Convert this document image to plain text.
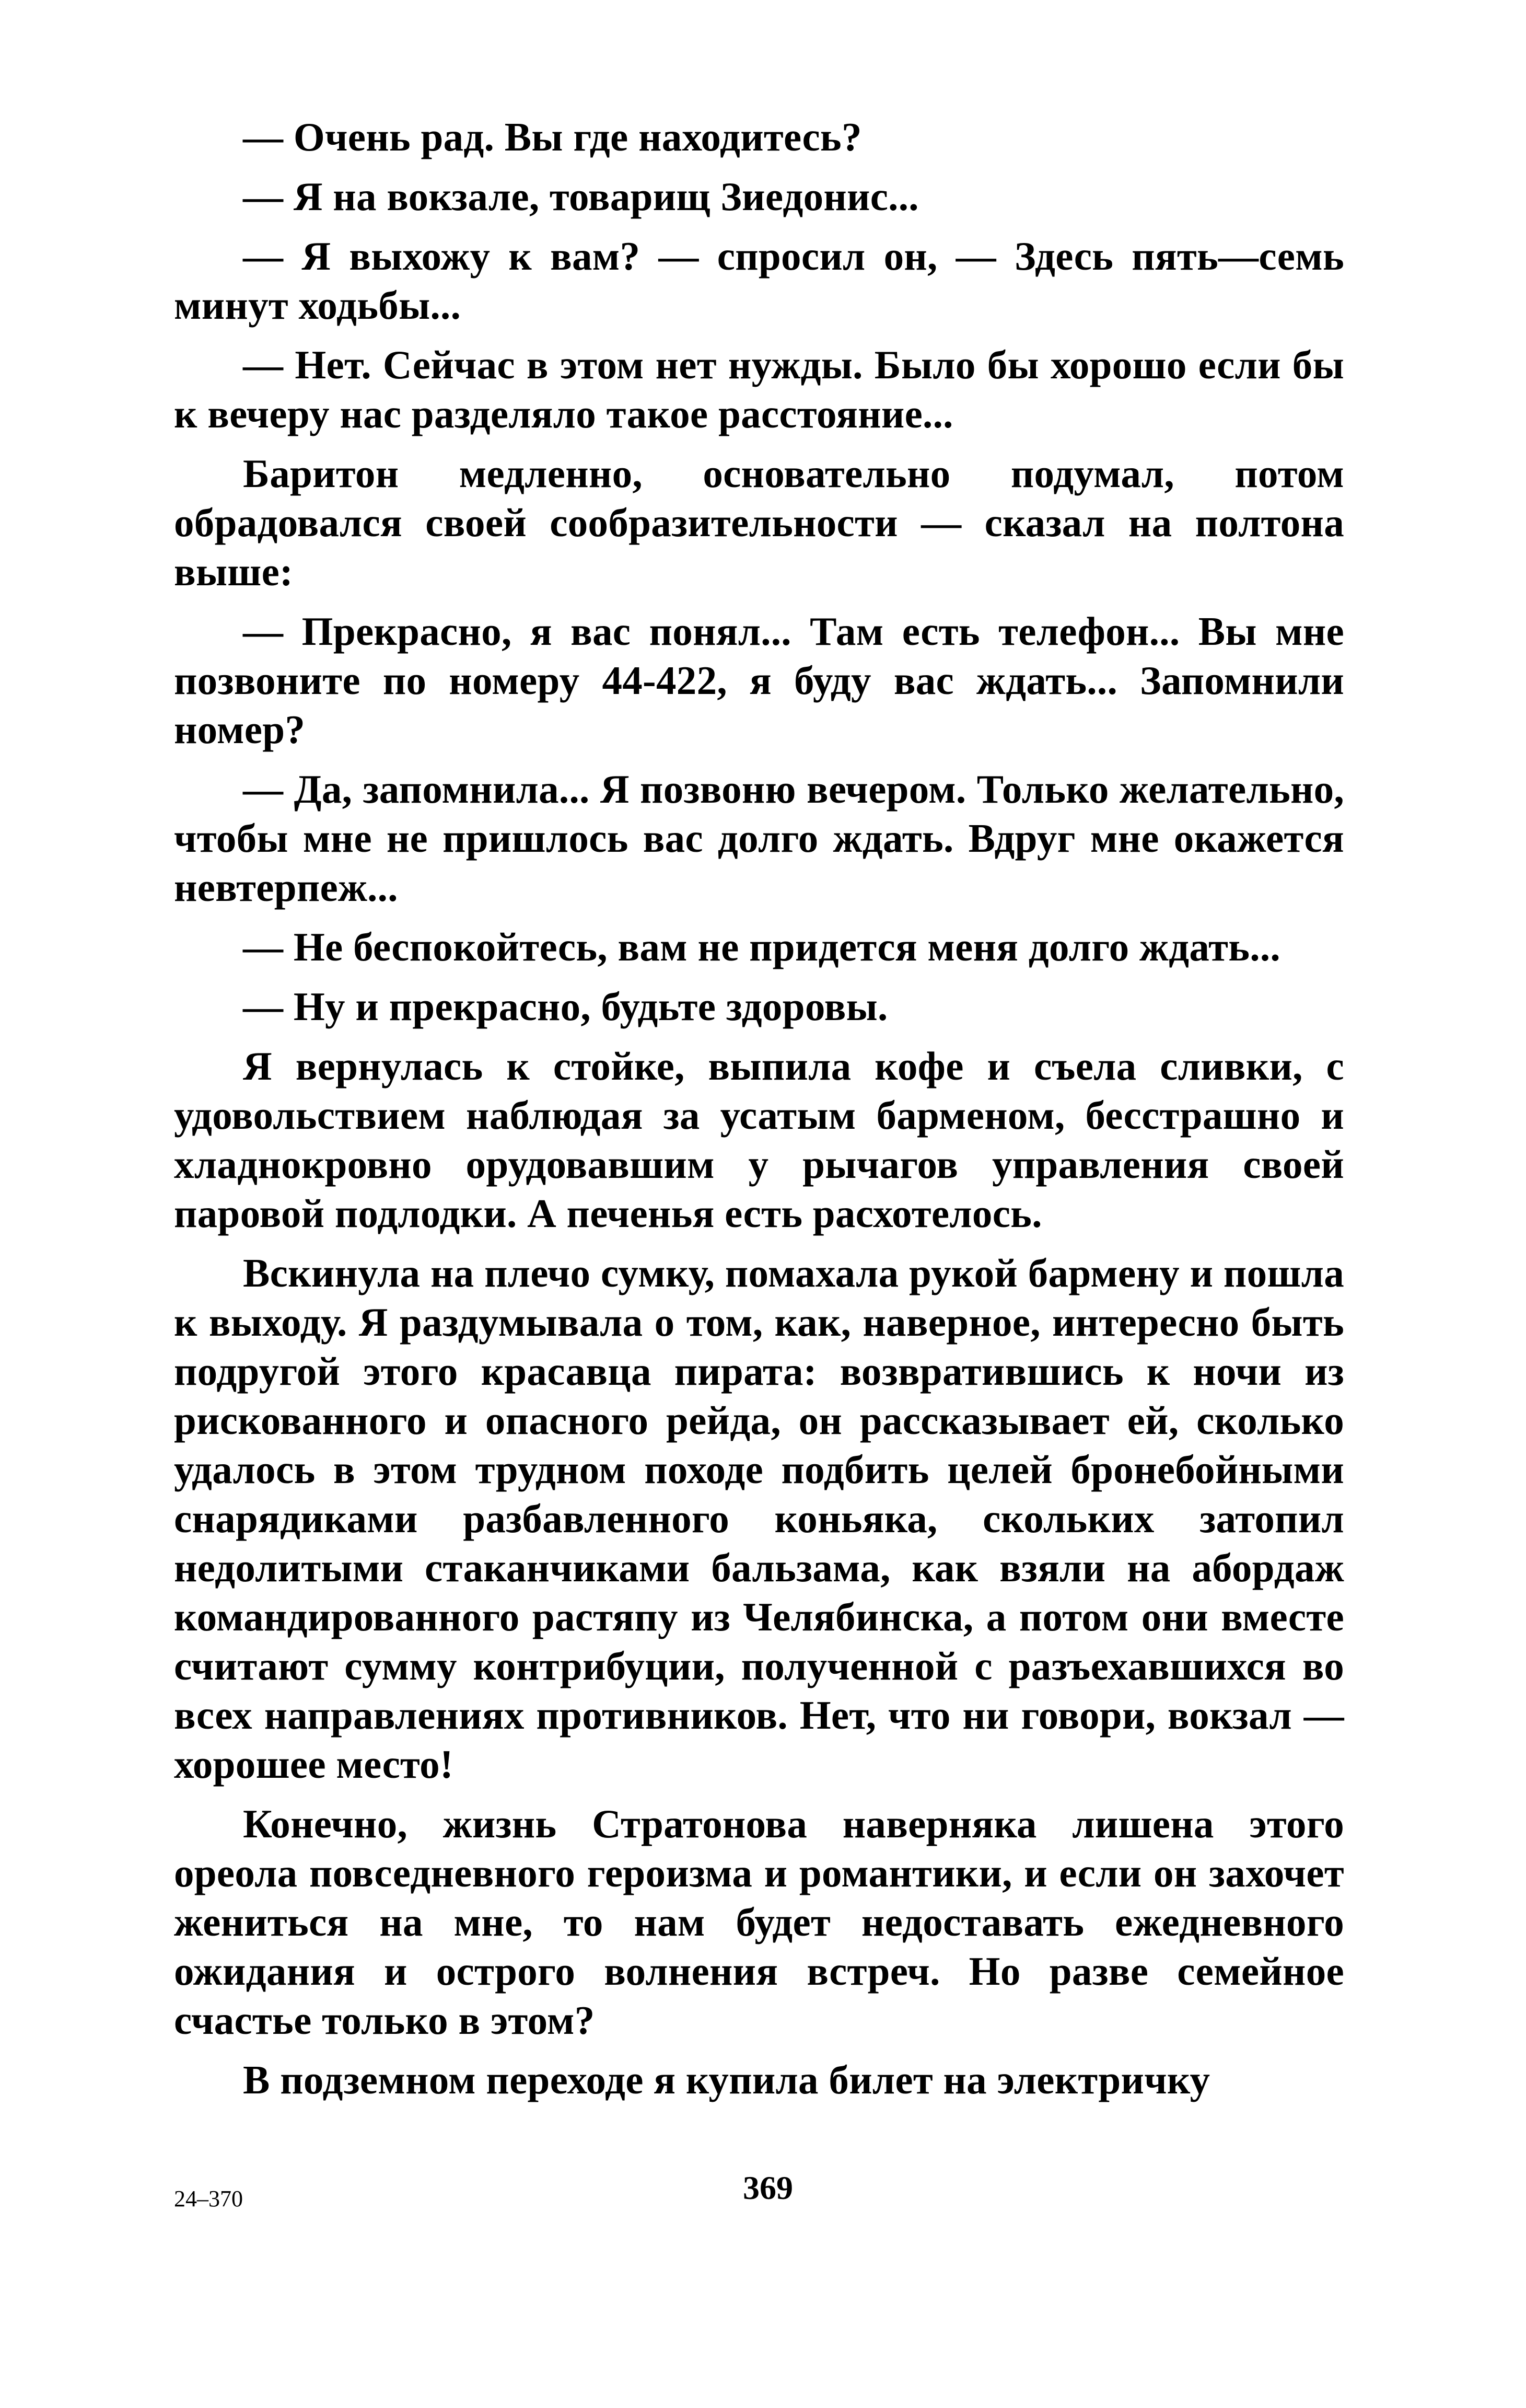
— Очень рад. Вы где находитесь?

— Я на вокзале, товарищ Зиедонис...

— Я выхожу к вам? — спросил он, — Здесь пять—семь минут ходьбы...

— Нет. Сейчас в этом нет нужды. Было бы хорошо если бы к вечеру нас разделяло такое расстояние...

Баритон медленно, основательно подумал, потом обрадовался своей сообразительности — сказал на полтона выше:

— Прекрасно, я вас понял... Там есть телефон... Вы мне позвоните по номеру 44-422, я буду вас ждать... Запомнили номер?

— Да, запомнила... Я позвоню вечером. Только желательно, чтобы мне не пришлось вас долго ждать. Вдруг мне окажется невтерпеж...

— Не беспокойтесь, вам не придется меня долго ждать...

— Ну и прекрасно, будьте здоровы.

Я вернулась к стойке, выпила кофе и съела сливки, с удовольствием наблюдая за усатым барменом, бесстрашно и хладнокровно орудовавшим у рычагов управления своей паровой подлодки. А печенья есть расхотелось.

Вскинула на плечо сумку, помахала рукой бармену и пошла к выходу. Я раздумывала о том, как, наверное, интересно быть подругой этого красавца пирата: возвратившись к ночи из рискованного и опасного рейда, он рассказывает ей, сколько удалось в этом трудном походе подбить целей бронебойными снарядиками разбавленного коньяка, скольких затопил недолитыми стаканчиками бальзама, как взяли на абордаж командированного растяпу из Челябинска, а потом они вместе считают сумму контрибуции, полученной с разъехавшихся во всех направлениях противников. Нет, что ни говори, вокзал — хорошее место!

Конечно, жизнь Стратонова наверняка лишена этого ореола повседневного героизма и романтики, и если он захочет жениться на мне, то нам будет недоставать ежедневного ожидания и острого волнения встреч. Но разве семейное счастье только в этом?

В подземном переходе я купила билет на электричку

369
24–370
